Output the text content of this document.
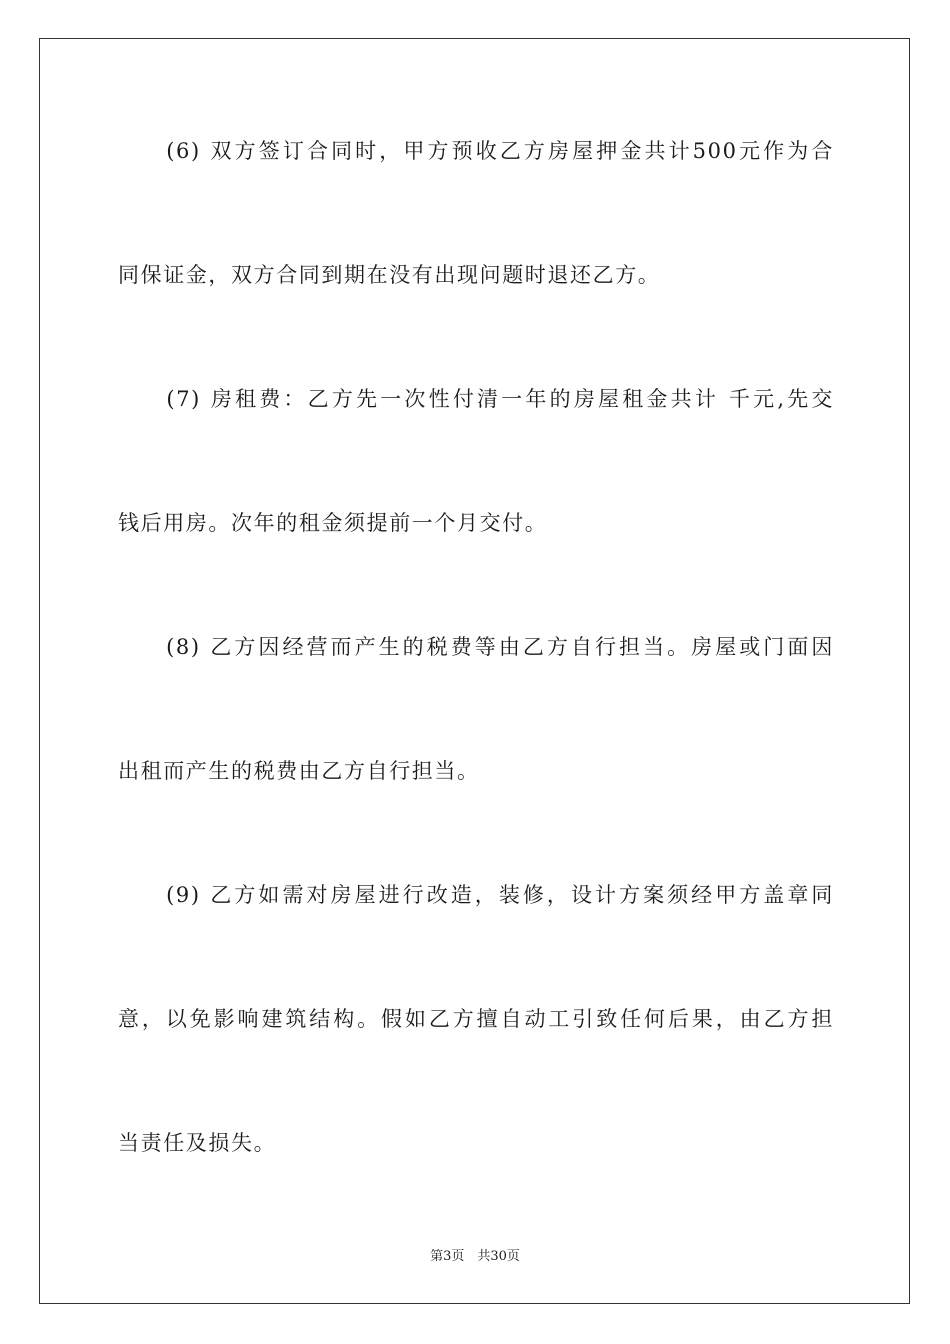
　　(6) 双方签订合同时，甲方预收乙方房屋押金共计500元作为合
同保证金，双方合同到期在没有出现问题时退还乙方。
　　(7) 房租费：乙方先一次性付清一年的房屋租金共计 千元,先交
钱后用房。次年的租金须提前一个月交付。
　　(8) 乙方因经营而产生的税费等由乙方自行担当。房屋或门面因
出租而产生的税费由乙方自行担当。
　　(9) 乙方如需对房屋进行改造，装修，设计方案须经甲方盖章同
意，以免影响建筑结构。假如乙方擅自动工引致任何后果，由乙方担
当责任及损失。
第3页　共30页
